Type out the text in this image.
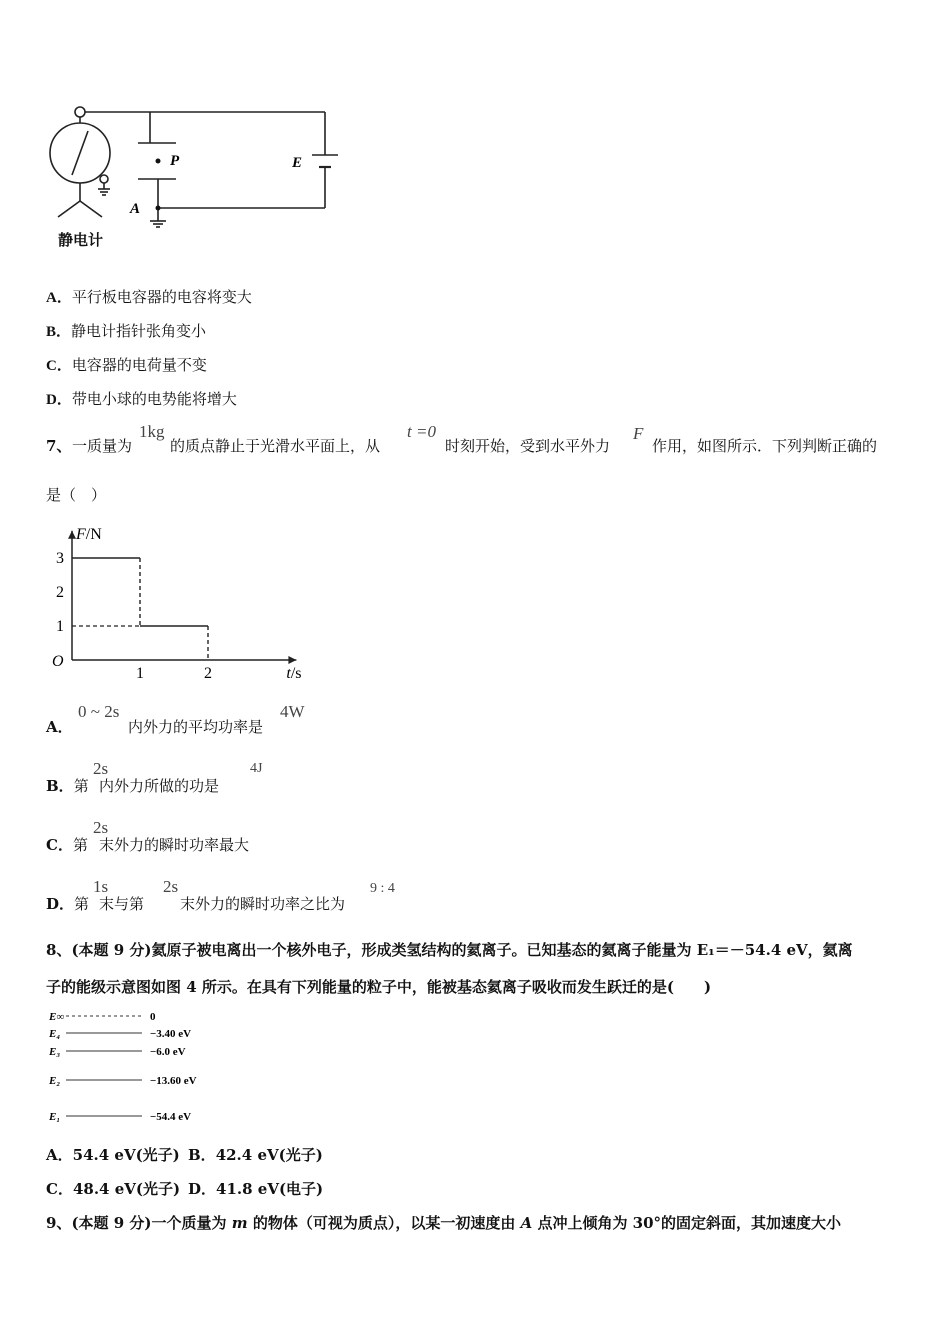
P	E
A
静电计
A．平行板电容器的电容将变大
B．静电计指针张角变小
C．电容器的电荷量不变
D．带电小球的电势能将增大
7、 一质量为
1kg
的质点静止于光滑水平面上，从
t =0
时刻开始，受到水平外力
F
作用，如图所示．下列判断正确的
是（　）
F/N
t/s
O
1
2
3
1	2
A．
0 ~ 2s
内外力的平均功率是
4W
B．第
2s
内外力所做的功是
4J
C．第
2s
末外力的瞬时功率最大
D．第
1s
末与第
2s
末外力的瞬时功率之比为
9 : 4
8、(本题 9 分)氦原子被电离出一个核外电子，形成类氢结构的氦离子。已知基态的氦离子能量为 E₁＝－54.4 eV，氦离
子的能级示意图如图 4 所示。在具有下列能量的粒子中，能被基态氦离子吸收而发生跃迁的是(　　)
E∞	0
E₄	−3.40 eV
E₃	−6.0 eV
E₂	−13.60 eV
E₁	−54.4 eV
A．54.4 eV(光子) B．42.4 eV(光子)
C．48.4 eV(光子) D．41.8 eV(电子)
9、(本题 9 分)一个质量为 m 的物体（可视为质点），以某一初速度由 A 点冲上倾角为 30°的固定斜面，其加速度大小
